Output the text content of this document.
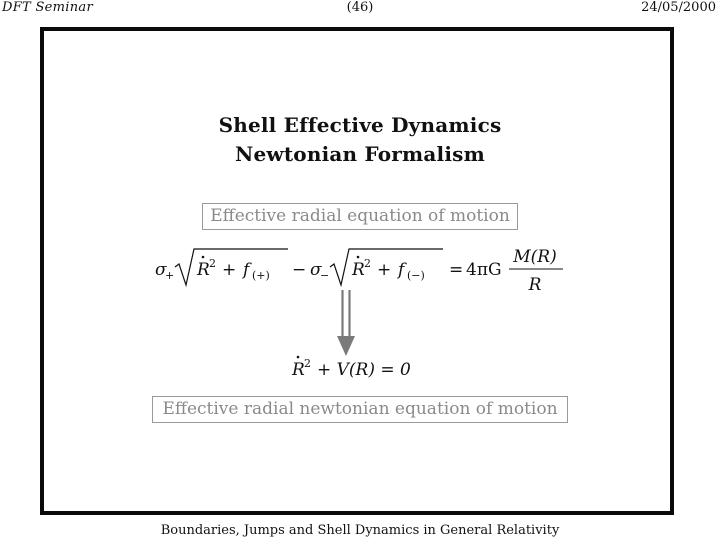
DFT Seminar	(46)	24/05/2000
Shell Effective Dynamics
Newtonian Formalism
Effective radial equation of motion
σ
+ R 2 + f (+) − σ
− R 2 + f (−) = 4πG
M(R)
R
R 2 + V(R) = 0
Effective radial newtonian equation of motion
Boundaries, Jumps and Shell Dynamics in General Relativity
